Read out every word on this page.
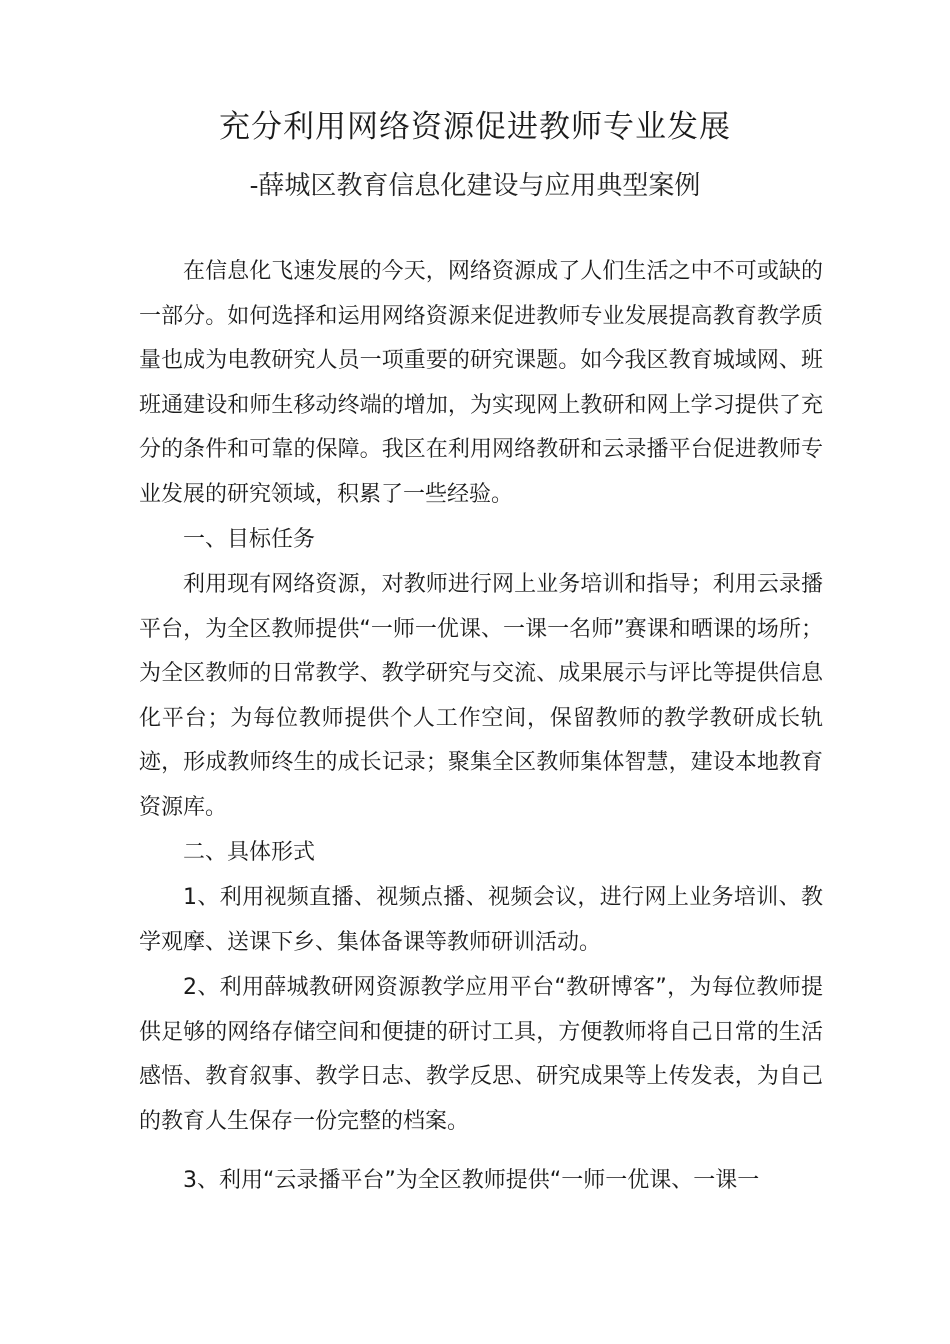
充分利用网络资源促进教师专业发展

-薛城区教育信息化建设与应用典型案例

在信息化飞速发展的今天，网络资源成了人们生活之中不可或缺的一部分。如何选择和运用网络资源来促进教师专业发展提高教育教学质量也成为电教研究人员一项重要的研究课题。如今我区教育城域网、班班通建设和师生移动终端的增加，为实现网上教研和网上学习提供了充分的条件和可靠的保障。我区在利用网络教研和云录播平台促进教师专业发展的研究领域，积累了一些经验。

一、目标任务

利用现有网络资源，对教师进行网上业务培训和指导；利用云录播平台，为全区教师提供“一师一优课、一课一名师”赛课和晒课的场所；为全区教师的日常教学、教学研究与交流、成果展示与评比等提供信息化平台；为每位教师提供个人工作空间，保留教师的教学教研成长轨迹，形成教师终生的成长记录；聚集全区教师集体智慧，建设本地教育资源库。

二、具体形式

1、利用视频直播、视频点播、视频会议，进行网上业务培训、教学观摩、送课下乡、集体备课等教师研训活动。

2、利用薛城教研网资源教学应用平台“教研博客”，为每位教师提供足够的网络存储空间和便捷的研讨工具，方便教师将自己日常的生活感悟、教育叙事、教学日志、教学反思、研究成果等上传发表，为自己的教育人生保存一份完整的档案。

3、利用“云录播平台”为全区教师提供“一师一优课、一课一
